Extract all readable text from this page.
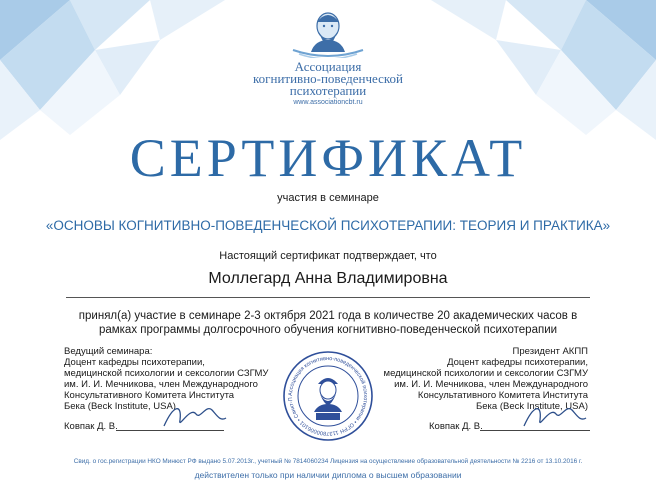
Ассоциация
когнитивно-поведенческой
психотерапии
www.associationcbt.ru
СЕРТИФИКАТ
участия в семинаре
«ОСНОВЫ КОГНИТИВНО-ПОВЕДЕНЧЕСКОЙ ПСИХОТЕРАПИИ: ТЕОРИЯ И ПРАКТИКА»
Настоящий сертификат подтверждает, что
Моллегард Анна Владимировна
принял(а) участие в семинаре 2-3 октября 2021 года в количестве 20 академических часов в
рамках программы долгосрочного обучения когнитивно-поведенческой психотерапии
Ведущий семинара:
Доцент кафедры психотерапии,
медицинской психологии и сексологии СЗГМУ
им. И. И. Мечникова, член Международного
Консультативного Комитета Института
Бека (Beck Institute, USA)
Президент АКПП
Доцент кафедры психотерапии,
медицинской психологии и сексологии СЗГМУ
им. И. И. Мечникова, член Международного
Консультативного Комитета Института
Бека (Beck Institute, USA)
Ковпак Д. В.	Ковпак Д. В.
Ассоциация когнитивно-поведенческой психотерапии • ОГРН 1137800006101 • Санкт-П
Свид. о гос.регистрации НКО Минюст РФ выдано 5.07.2013г., учетный № 7814060234 Лицензия на осуществление образовательной деятельности № 2216 от 13.10.2016 г.
действителен только при наличии диплома о высшем образовании
